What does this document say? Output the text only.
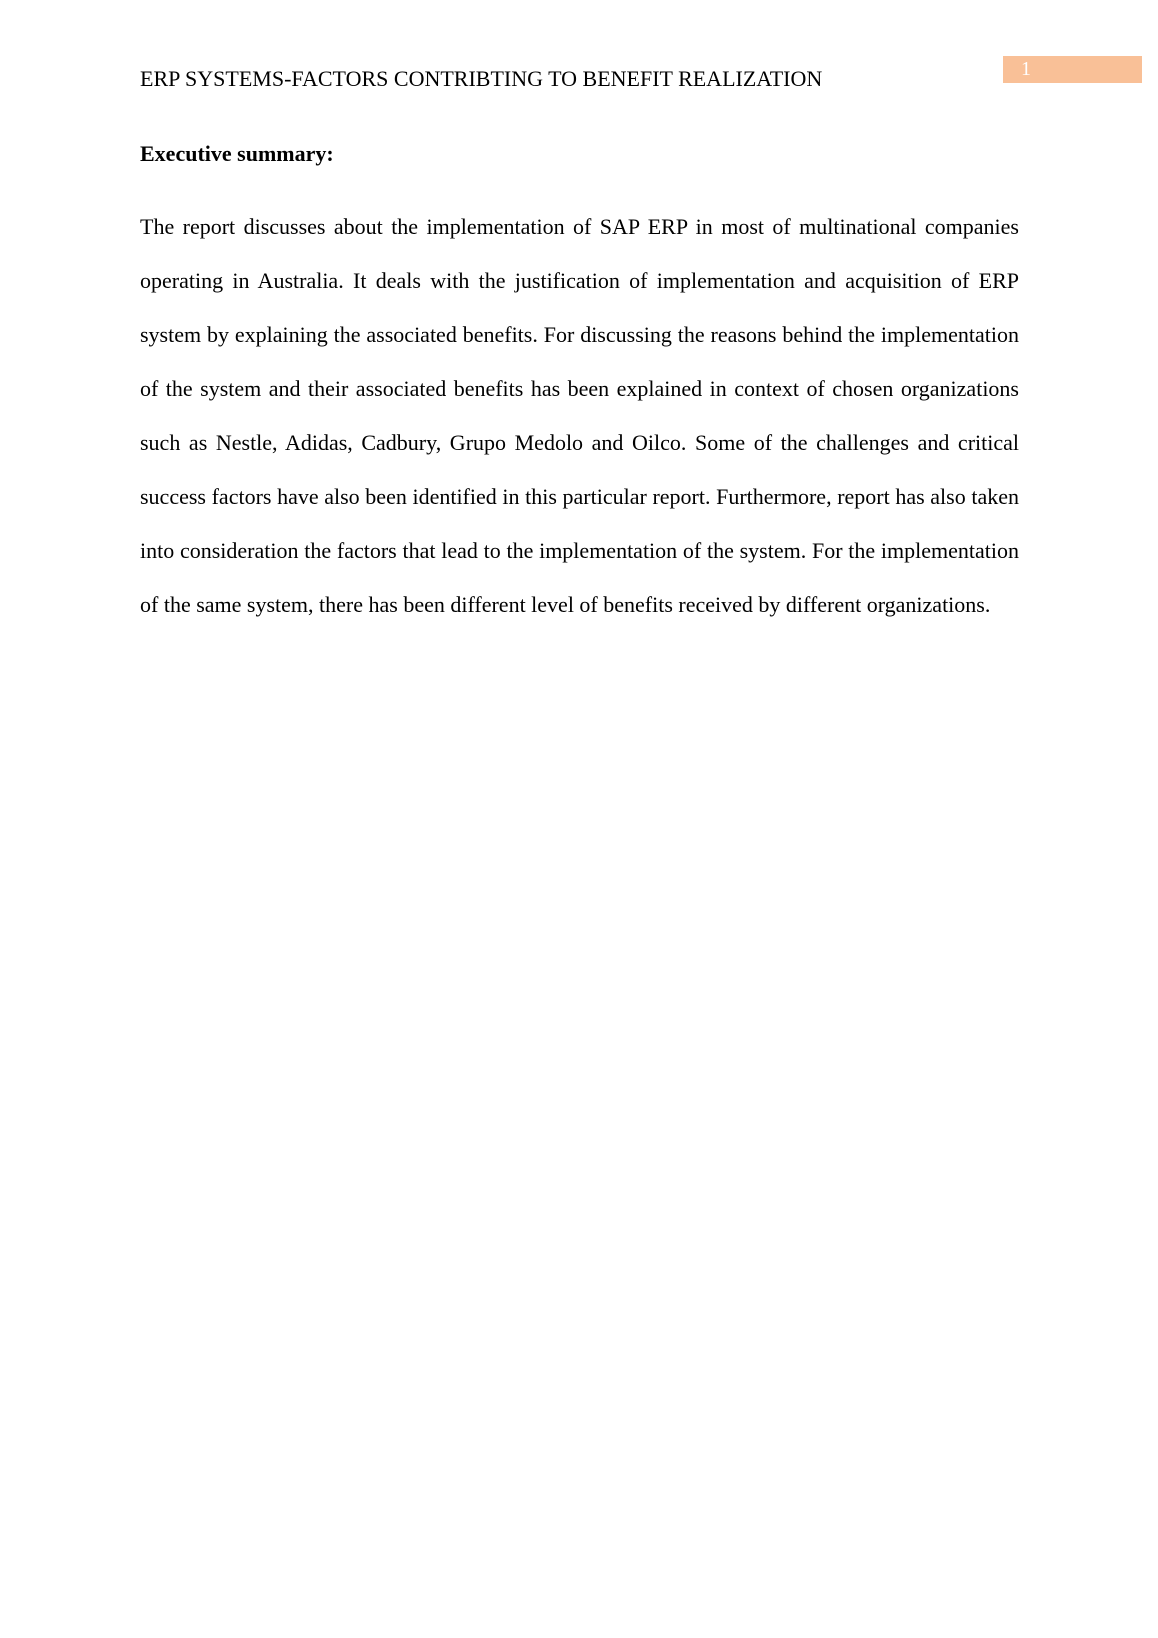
1
ERP SYSTEMS-FACTORS CONTRIBTING TO BENEFIT REALIZATION
Executive summary:

The report discusses about the implementation of SAP ERP in most of multinational companies operating in Australia. It deals with the justification of implementation and acquisition of ERP system by explaining the associated benefits. For discussing the reasons behind the implementation of the system and their associated benefits has been explained in context of chosen organizations such as Nestle, Adidas, Cadbury, Grupo Medolo and Oilco. Some of the challenges and critical success factors have also been identified in this particular report. Furthermore, report has also taken into consideration the factors that lead to the implementation of the system. For the implementation of the same system, there has been different level of benefits received by different organizations.
